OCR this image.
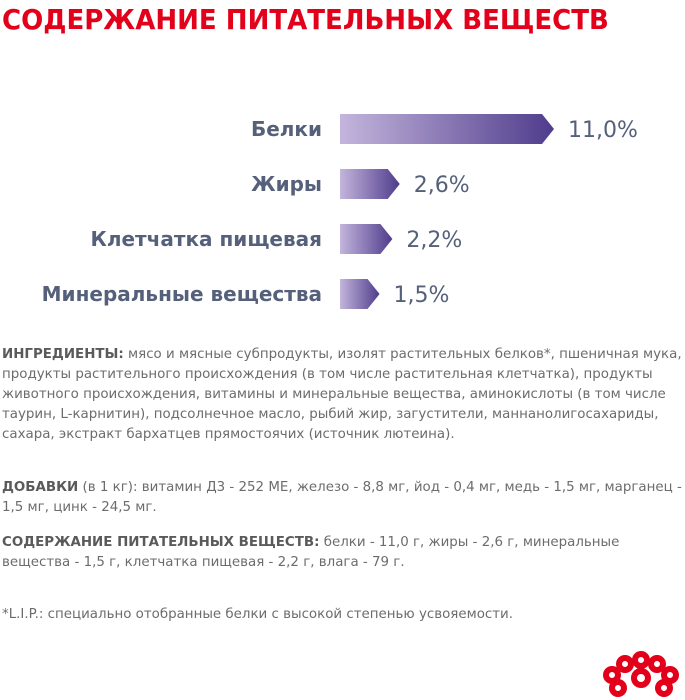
СОДЕРЖАНИЕ ПИТАТЕЛЬНЫХ ВЕЩЕСТВ
Белки	11,0%
Жиры	2,6%
Клетчатка пищевая	2,2%
Минеральные вещества	1,5%
ИНГРЕДИЕНТЫ: мясо и мясные субпродукты, изолят растительных белков*, пшеничная мука, продукты растительного происхождения (в том числе растительная клетчатка), продукты животного происхождения, витамины и минеральные вещества, аминокислоты (в том числе таурин, L-карнитин), подсолнечное масло, рыбий жир, загустители, маннанолигосахариды, сахара, экстракт бархатцев прямостоячих (источник лютеина).
ДОБАВКИ (в 1 кг): витамин Д3 - 252 МЕ, железо - 8,8 мг, йод - 0,4 мг, медь - 1,5 мг, марганец - 1,5 мг, цинк - 24,5 мг.
СОДЕРЖАНИЕ ПИТАТЕЛЬНЫХ ВЕЩЕСТВ: белки - 11,0 г, жиры - 2,6 г, минеральные вещества - 1,5 г, клетчатка пищевая - 2,2 г, влага - 79 г.
*L.I.P.: специально отобранные белки с высокой степенью усвояемости.
